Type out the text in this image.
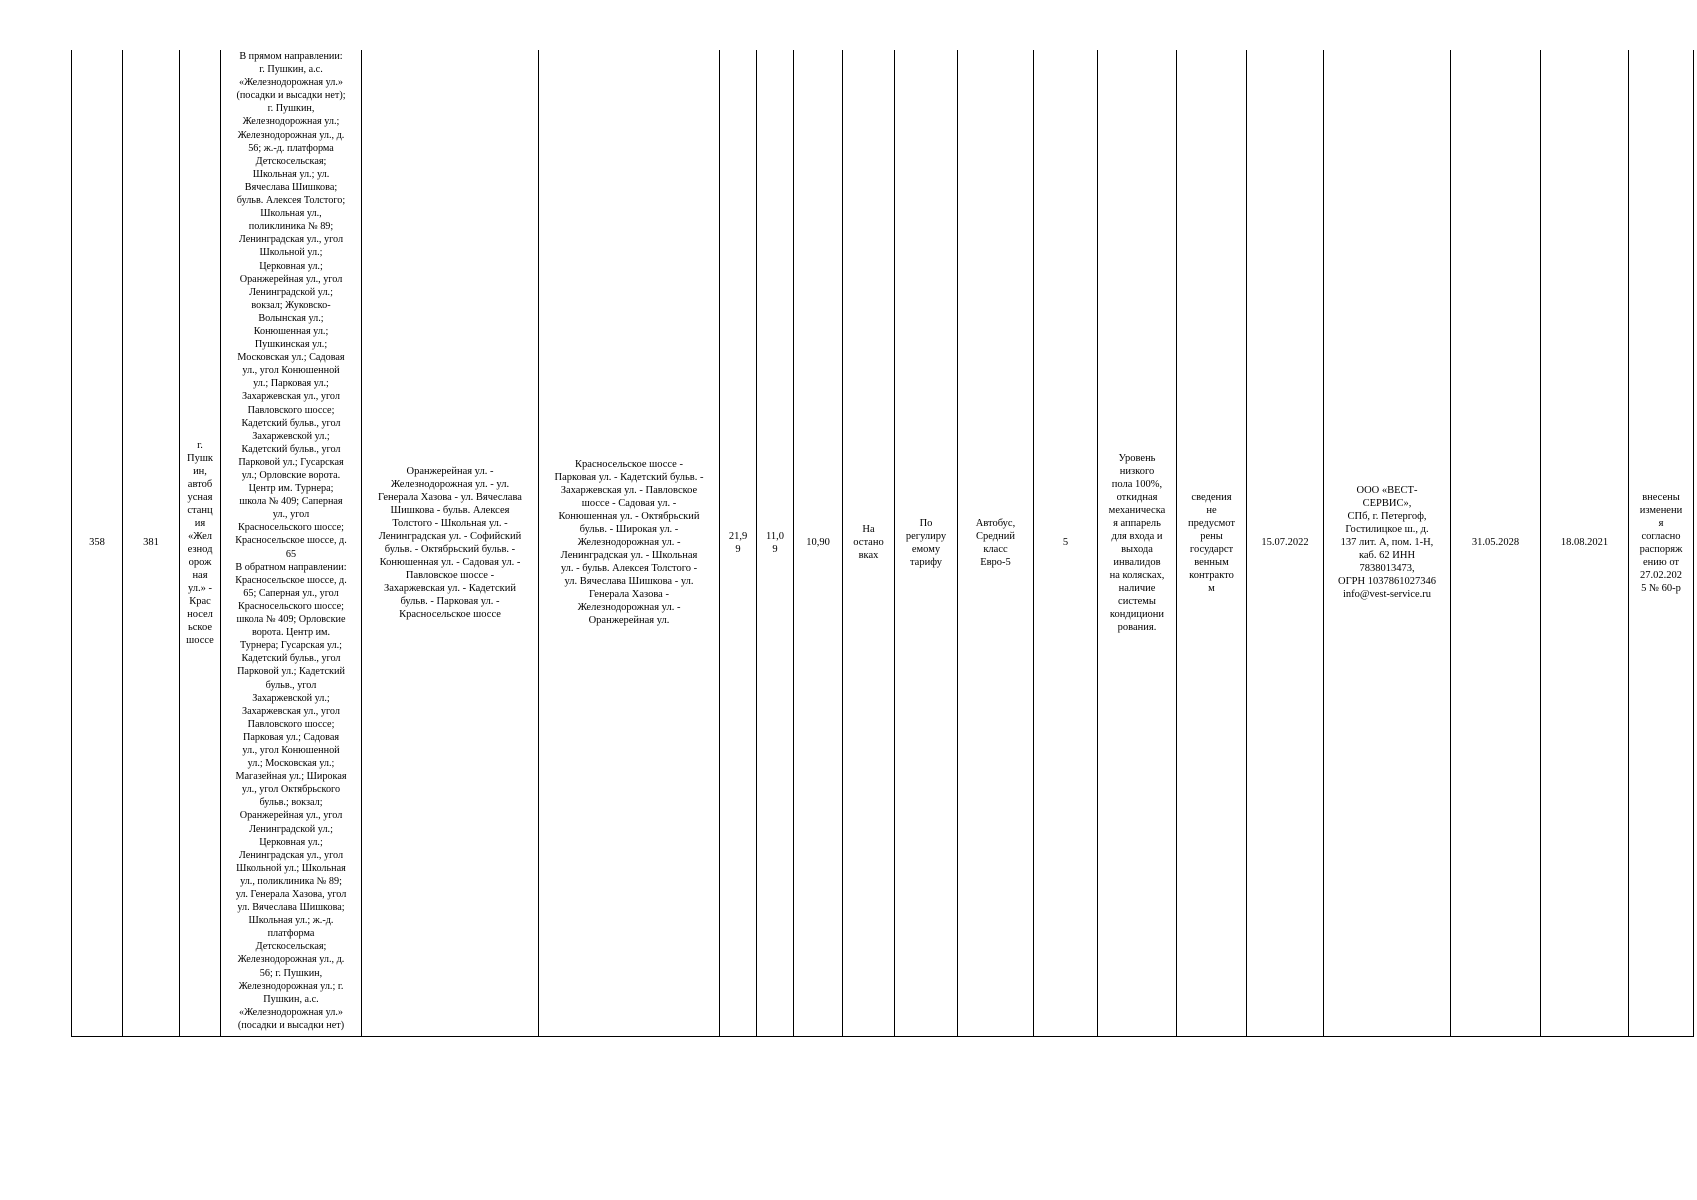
358	381

г.
Пушк
ин,
автоб
усная
станц
ия
«Жел
езнод
орож
ная
ул.» -
Крас
носел
ьское
шоссе

В прямом направлении:
г. Пушкин, а.с.
«Железнодорожная ул.»
(посадки и высадки нет);
г. Пушкин,
Железнодорожная ул.;
Железнодорожная ул., д.
56; ж.-д. платформа
Детскосельская;
Школьная ул.; ул.
Вячеслава Шишкова;
бульв. Алексея Толстого;
Школьная ул.,
поликлиника № 89;
Ленинградская ул., угол
Школьной ул.;
Церковная ул.;
Оранжерейная ул., угол
Ленинградской ул.;
вокзал; Жуковско-
Волынская ул.;
Конюшенная ул.;
Пушкинская ул.;
Московская ул.; Садовая
ул., угол Конюшенной
ул.; Парковая ул.;
Захаржевская ул., угол
Павловского шоссе;
Кадетский бульв., угол
Захаржевской ул.;
Кадетский бульв., угол
Парковой ул.; Гусарская
ул.; Орловские ворота.
Центр им. Турнера;
школа № 409; Саперная
ул., угол
Красносельского шоссе;
Красносельское шоссе, д.
65
В обратном направлении:
Красносельское шоссе, д.
65; Саперная ул., угол
Красносельского шоссе;
школа № 409; Орловские
ворота. Центр им.
Турнера; Гусарская ул.;
Кадетский бульв., угол
Парковой ул.; Кадетский
бульв., угол
Захаржевской ул.;
Захаржевская ул., угол
Павловского шоссе;
Парковая ул.; Садовая
ул., угол Конюшенной
ул.; Московская ул.;
Магазейная ул.; Широкая
ул., угол Октябрьского
бульв.; вокзал;
Оранжерейная ул., угол
Ленинградской ул.;
Церковная ул.;
Ленинградская ул., угол
Школьной ул.; Школьная
ул., поликлиника № 89;
ул. Генерала Хазова, угол
ул. Вячеслава Шишкова;
Школьная ул.; ж.-д.
платформа
Детскосельская;
Железнодорожная ул., д.
56; г. Пушкин,
Железнодорожная ул.; г.
Пушкин, а.с.
«Железнодорожная ул.»
(посадки и высадки нет)

Оранжерейная ул. -
Железнодорожная ул. - ул.
Генерала Хазова - ул. Вячеслава
Шишкова - бульв. Алексея
Толстого - Школьная ул. -
Ленинградская ул. - Софийский
бульв. - Октябрьский бульв. -
Конюшенная ул. - Садовая ул. -
Павловское шоссе -
Захаржевская ул. - Кадетский
бульв. - Парковая ул. -
Красносельское шоссе

Красносельское шоссе -
Парковая ул. - Кадетский бульв. -
Захаржевская ул. - Павловское
шоссе - Садовая ул. -
Конюшенная ул. - Октябрьский
бульв. - Широкая ул. -
Железнодорожная ул. -
Ленинградская ул. - Школьная
ул. - бульв. Алексея Толстого -
ул. Вячеслава Шишкова - ул.
Генерала Хазова -
Железнодорожная ул. -
Оранжерейная ул.

21,9
9

11,0
9

10,90

На
остано
вках

По
регулиру
емому
тарифу

Автобус,
Средний
класс
Евро-5

5

Уровень
низкого
пола 100%,
откидная
механическа
я аппарель
для входа и
выхода
инвалидов
на колясках,
наличие
системы
кондициони
рования.

сведения
не
предусмот
рены
государст
венным
контракто
м

15.07.2022

ООО «ВЕСТ-
СЕРВИС»,
СПб, г. Петергоф,
Гостилицкое ш., д.
137 лит. А, пом. 1-Н,
каб. 62 ИНН
7838013473,
ОГРН 1037861027346
info@vest-service.ru

31.05.2028	18.08.2021

внесены
изменени
я
согласно
распоряж
ению от
27.02.202
5 № 60-р
